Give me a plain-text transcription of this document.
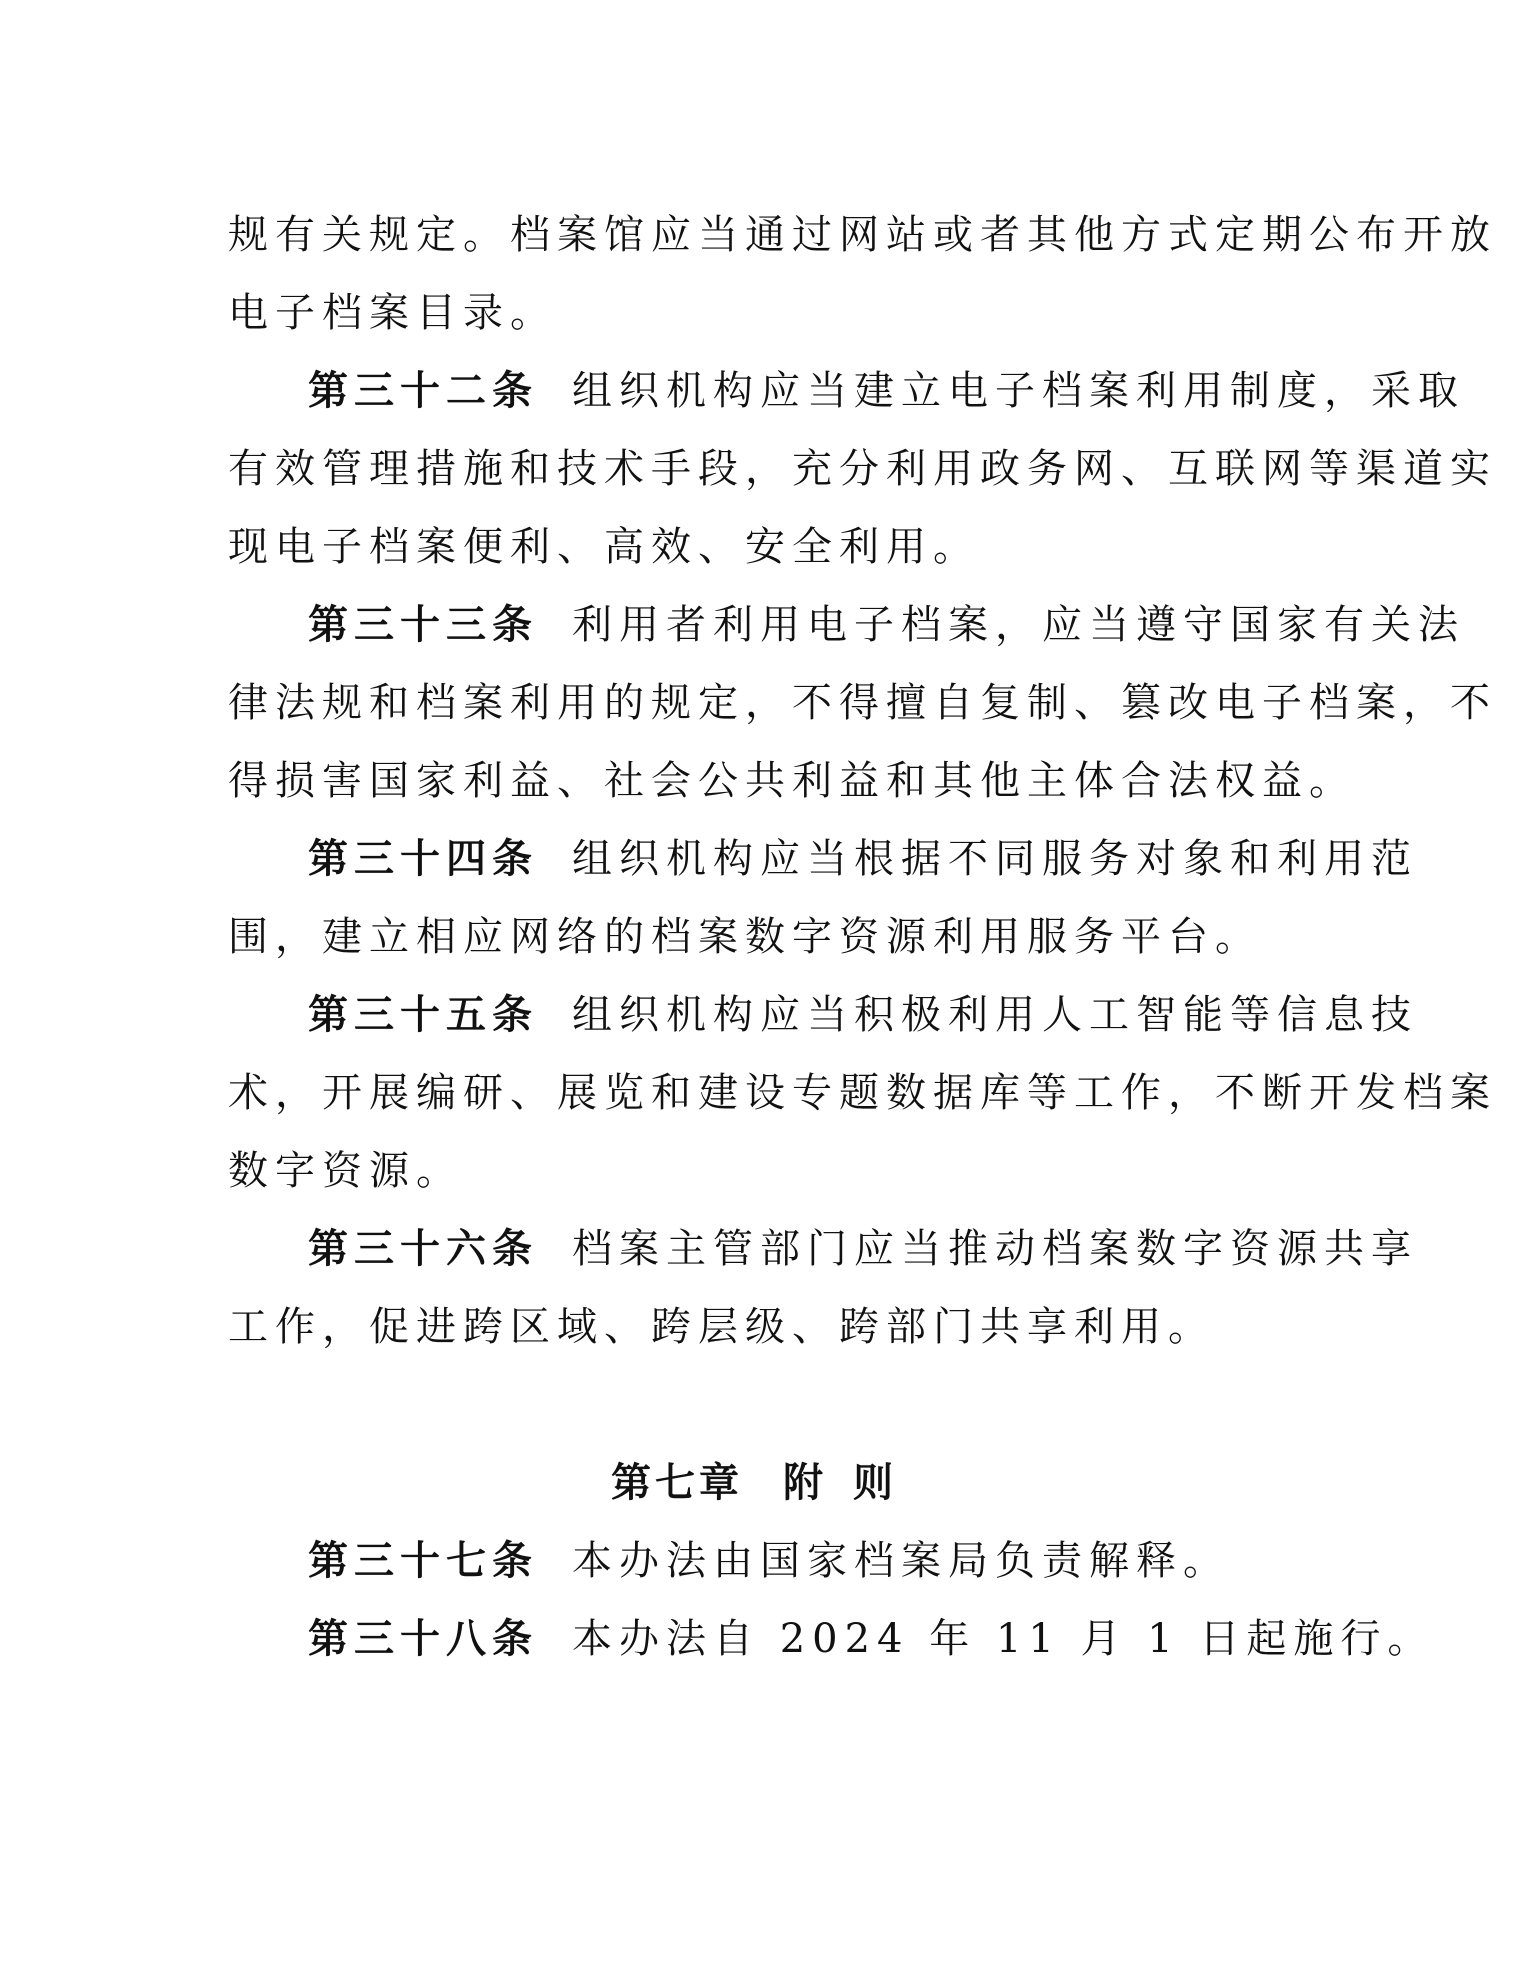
规有关规定。档案馆应当通过网站或者其他方式定期公布开放

电子档案目录。

第三十二条 组织机构应当建立电子档案利用制度，采取

有效管理措施和技术手段，充分利用政务网、互联网等渠道实

现电子档案便利、高效、安全利用。

第三十三条 利用者利用电子档案，应当遵守国家有关法

律法规和档案利用的规定，不得擅自复制、篡改电子档案，不

得损害国家利益、社会公共利益和其他主体合法权益。

第三十四条 组织机构应当根据不同服务对象和利用范

围，建立相应网络的档案数字资源利用服务平台。

第三十五条 组织机构应当积极利用人工智能等信息技

术，开展编研、展览和建设专题数据库等工作，不断开发档案

数字资源。

第三十六条 档案主管部门应当推动档案数字资源共享

工作，促进跨区域、跨层级、跨部门共享利用。

第七章 附则

第三十七条 本办法由国家档案局负责解释。

第三十八条 本办法自 2024 年 11 月 1 日起施行。
